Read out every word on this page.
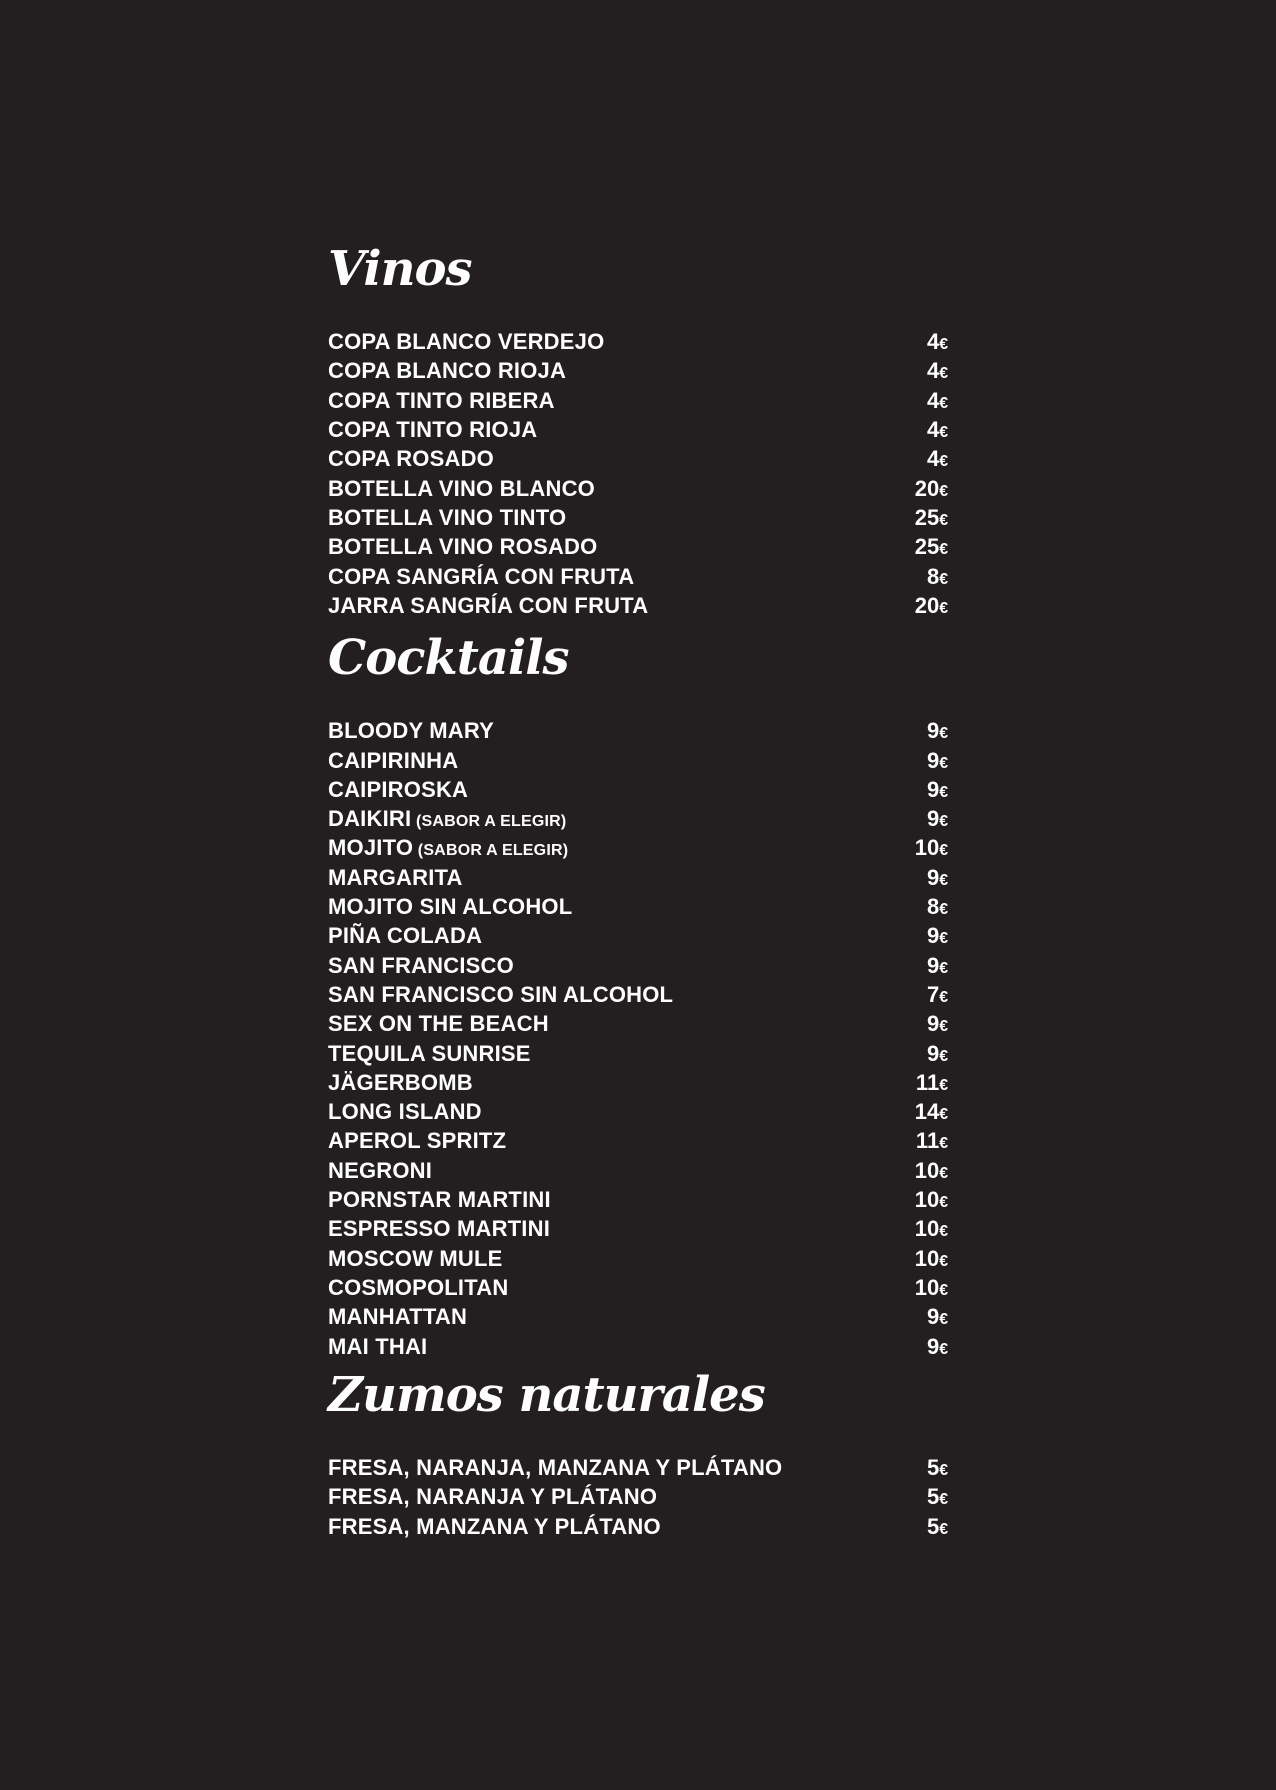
Vinos
COPA BLANCO VERDEJO	4€
COPA BLANCO RIOJA	4€
COPA TINTO RIBERA	4€
COPA TINTO RIOJA	4€
COPA ROSADO	4€
BOTELLA VINO BLANCO	20€
BOTELLA VINO TINTO	25€
BOTELLA VINO ROSADO	25€
COPA SANGRÍA CON FRUTA	8€
JARRA SANGRÍA CON FRUTA	20€
Cocktails
BLOODY MARY	9€
CAIPIRINHA	9€
CAIPIROSKA	9€
DAIKIRI (SABOR A ELEGIR)	9€
MOJITO (SABOR A ELEGIR)	10€
MARGARITA	9€
MOJITO SIN ALCOHOL	8€
PIÑA COLADA	9€
SAN FRANCISCO	9€
SAN FRANCISCO SIN ALCOHOL	7€
SEX ON THE BEACH	9€
TEQUILA SUNRISE	9€
JÄGERBOMB	11€
LONG ISLAND	14€
APEROL SPRITZ	11€
NEGRONI	10€
PORNSTAR MARTINI	10€
ESPRESSO MARTINI	10€
MOSCOW MULE	10€
COSMOPOLITAN	10€
MANHATTAN	9€
MAI THAI	9€
Zumos naturales
FRESA, NARANJA, MANZANA Y PLÁTANO	5€
FRESA, NARANJA Y PLÁTANO	5€
FRESA, MANZANA Y PLÁTANO	5€
